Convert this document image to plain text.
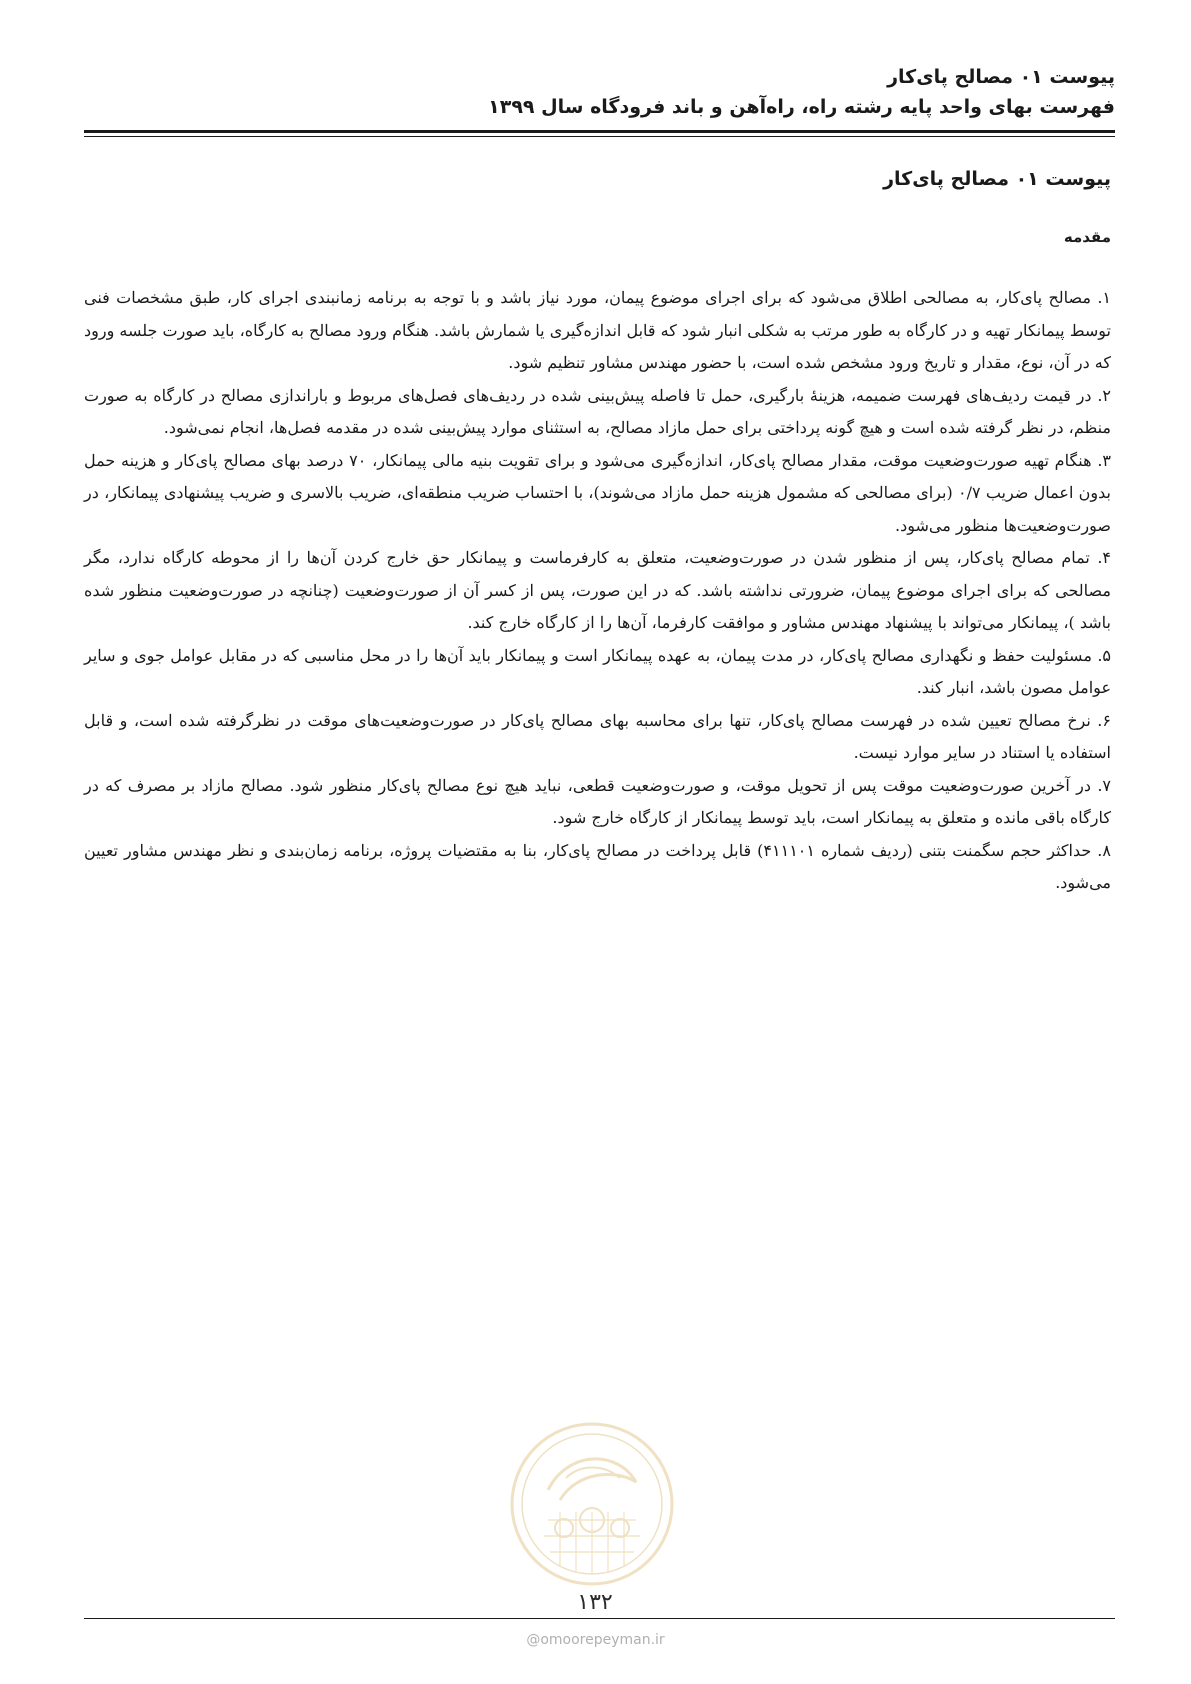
پیوست ۰۱ مصالح پای‌کار
فهرست بهای واحد پایه رشته راه، راه‌آهن و باند فرودگاه سال ۱۳۹۹
پیوست ۰۱ مصالح پای‌کار
مقدمه

۱. مصالح پای‌کار، به مصالحی اطلاق می‌شود که برای اجرای موضوع پیمان، مورد نیاز باشد و با توجه به برنامه زمانبندی اجرای کار، طبق مشخصات فنی توسط پیمانکار تهیه و در کارگاه به طور مرتب به شکلی انبار شود که قابل اندازه‌گیری یا شمارش باشد. هنگام ورود مصالح به کارگاه، باید صورت جلسه ورود که در آن، نوع، مقدار و تاریخ ورود مشخص شده است، با حضور مهندس مشاور تنظیم شود.

۲. در قیمت ردیف‌های فهرست ضمیمه، هزینهٔ بارگیری، حمل تا فاصله پیش‌بینی شده در ردیف‌های فصل‌های مربوط و باراندازی مصالح در کارگاه به صورت منظم، در نظر گرفته شده است و هیچ گونه پرداختی برای حمل مازاد مصالح، به استثنای موارد پیش‌بینی شده در مقدمه فصل‌ها، انجام نمی‌شود.

۳. هنگام تهیه صورت‌وضعیت موقت، مقدار مصالح پای‌کار، اندازه‌گیری می‌شود و برای تقویت بنیه مالی پیمانکار، ۷۰ درصد بهای مصالح پای‌کار و هزینه حمل بدون اعمال ضریب ۰/۷ (برای مصالحی که مشمول هزینه حمل مازاد می‌شوند)، با احتساب ضریب منطقه‌ای، ضریب بالاسری و ضریب پیشنهادی پیمانکار، در صورت‌وضعیت‌ها منظور می‌شود.

۴. تمام مصالح پای‌کار، پس از منظور شدن در صورت‌وضعیت، متعلق به کارفرماست و پیمانکار حق خارج کردن آن‌ها را از محوطه کارگاه ندارد، مگر مصالحی که برای اجرای موضوع پیمان، ضرورتی نداشته باشد. که در این صورت، پس از کسر آن از صورت‌وضعیت (چنانچه در صورت‌وضعیت منظور شده باشد )، پیمانکار می‌تواند با پیشنهاد مهندس مشاور و موافقت کارفرما، آن‌ها را از کارگاه خارج کند.

۵. مسئولیت حفظ و نگهداری مصالح پای‌کار، در مدت پیمان، به عهده پیمانکار است و پیمانکار باید آن‌ها را در محل مناسبی که در مقابل عوامل جوی و سایر عوامل مصون باشد، انبار کند.

۶. نرخ مصالح تعیین شده در فهرست مصالح پای‌کار، تنها برای محاسبه بهای مصالح پای‌کار در صورت‌وضعیت‌های موقت در نظرگرفته شده است، و قابل استفاده یا استناد در سایر موارد نیست.

۷. در آخرین صورت‌وضعیت موقت پس از تحویل موقت، و صورت‌وضعیت قطعی، نباید هیچ نوع مصالح پای‌کار منظور شود. مصالح مازاد بر مصرف که در کارگاه باقی مانده و متعلق به پیمانکار است، باید توسط پیمانکار از کارگاه خارج شود.

۸. حداکثر حجم سگمنت بتنی (ردیف شماره ۴۱۱۱۰۱) قابل پرداخت در مصالح پای‌کار، بنا به مقتضیات پروژه، برنامه زمان‌بندی و نظر مهندس مشاور تعیین می‌شود.

۱۳۲
@omoorepeyman.ir
